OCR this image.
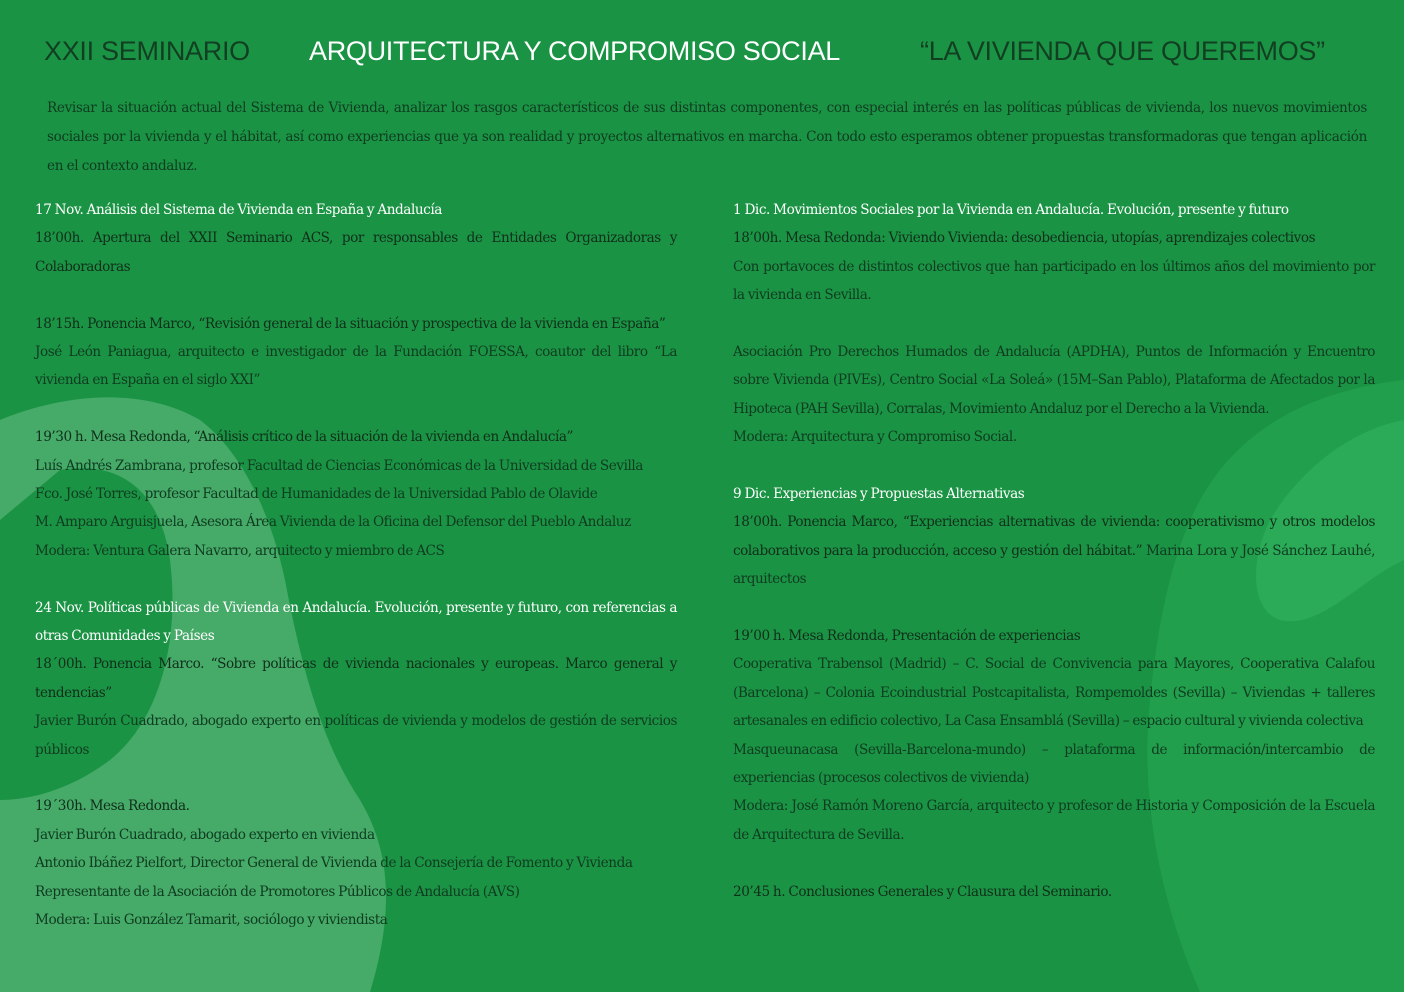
XXII SEMINARIO ARQUITECTURA Y COMPROMISO SOCIAL	“LA VIVIENDA QUE QUEREMOS”

Revisar la situación actual del Sistema de Vivienda, analizar los rasgos característicos de sus distintas componentes, con especial interés en las políticas públicas de vivienda, los nuevos movimientos sociales por la vivienda y el hábitat, así como experiencias que ya son realidad y proyectos alternativos en marcha. Con todo esto esperamos obtener propuestas transformadoras que tengan aplicación en el contexto andaluz.

17 Nov. Análisis del Sistema de Vivienda en España y Andalucía

18’00h. Apertura del XXII Seminario ACS, por responsables de Entidades Organizadoras y Colaboradoras

18’15h. Ponencia Marco, “Revisión general de la situación y prospectiva de la vivienda en España”

José León Paniagua, arquitecto e investigador de la Fundación FOESSA, coautor del libro “La vivienda en España en el siglo XXI”

19’30 h. Mesa Redonda, “Análisis crítico de la situación de la vivienda en Andalucía”

Luís Andrés Zambrana, profesor Facultad de Ciencias Económicas de la Universidad de Sevilla

Fco. José Torres, profesor Facultad de Humanidades de la Universidad Pablo de Olavide

M. Amparo Arguisjuela, Asesora Área Vivienda de la Oficina del Defensor del Pueblo Andaluz

Modera: Ventura Galera Navarro, arquitecto y miembro de ACS

24 Nov. Políticas públicas de Vivienda en Andalucía. Evolución, presente y futuro, con referencias a otras Comunidades y Países

18´00h. Ponencia Marco. “Sobre políticas de vivienda nacionales y europeas. Marco general y tendencias”

Javier Burón Cuadrado, abogado experto en políticas de vivienda y modelos de gestión de servicios públicos

19´30h. Mesa Redonda.

Javier Burón Cuadrado, abogado experto en vivienda

Antonio Ibáñez Pielfort, Director General de Vivienda de la Consejería de Fomento y Vivienda

Representante de la Asociación de Promotores Públicos de Andalucía (AVS)

Modera: Luis González Tamarit, sociólogo y viviendista

1 Dic. Movimientos Sociales por la Vivienda en Andalucía. Evolución, presente y futuro

18’00h. Mesa Redonda: Viviendo Vivienda: desobediencia, utopías, aprendizajes colectivos

Con portavoces de distintos colectivos que han participado en los últimos años del movimiento por la vivienda en Sevilla.

Asociación Pro Derechos Humados de Andalucía (APDHA), Puntos de Información y Encuentro sobre Vivienda (PIVEs), Centro Social «La Soleá» (15M–San Pablo), Plataforma de Afectados por la Hipoteca (PAH Sevilla), Corralas, Movimiento Andaluz por el Derecho a la Vivienda.

Modera: Arquitectura y Compromiso Social.

9 Dic. Experiencias y Propuestas Alternativas

18’00h. Ponencia Marco, “Experiencias alternativas de vivienda: cooperativismo y otros modelos colaborativos para la producción, acceso y gestión del hábitat.” Marina Lora y José Sánchez Lauhé, arquitectos

19’00 h. Mesa Redonda, Presentación de experiencias

Cooperativa Trabensol (Madrid) – C. Social de Convivencia para Mayores, Cooperativa Calafou (Barcelona) – Colonia Ecoindustrial Postcapitalista, Rompemoldes (Sevilla) – Viviendas + talleres artesanales en edificio colectivo, La Casa Ensamblá (Sevilla) – espacio cultural y vivienda colectiva

Masqueunacasa (Sevilla-Barcelona-mundo) – plataforma de información/intercambio de experiencias (procesos colectivos de vivienda)

Modera: José Ramón Moreno García, arquitecto y profesor de Historia y Composición de la Escuela de Arquitectura de Sevilla.

20’45 h. Conclusiones Generales y Clausura del Seminario.
